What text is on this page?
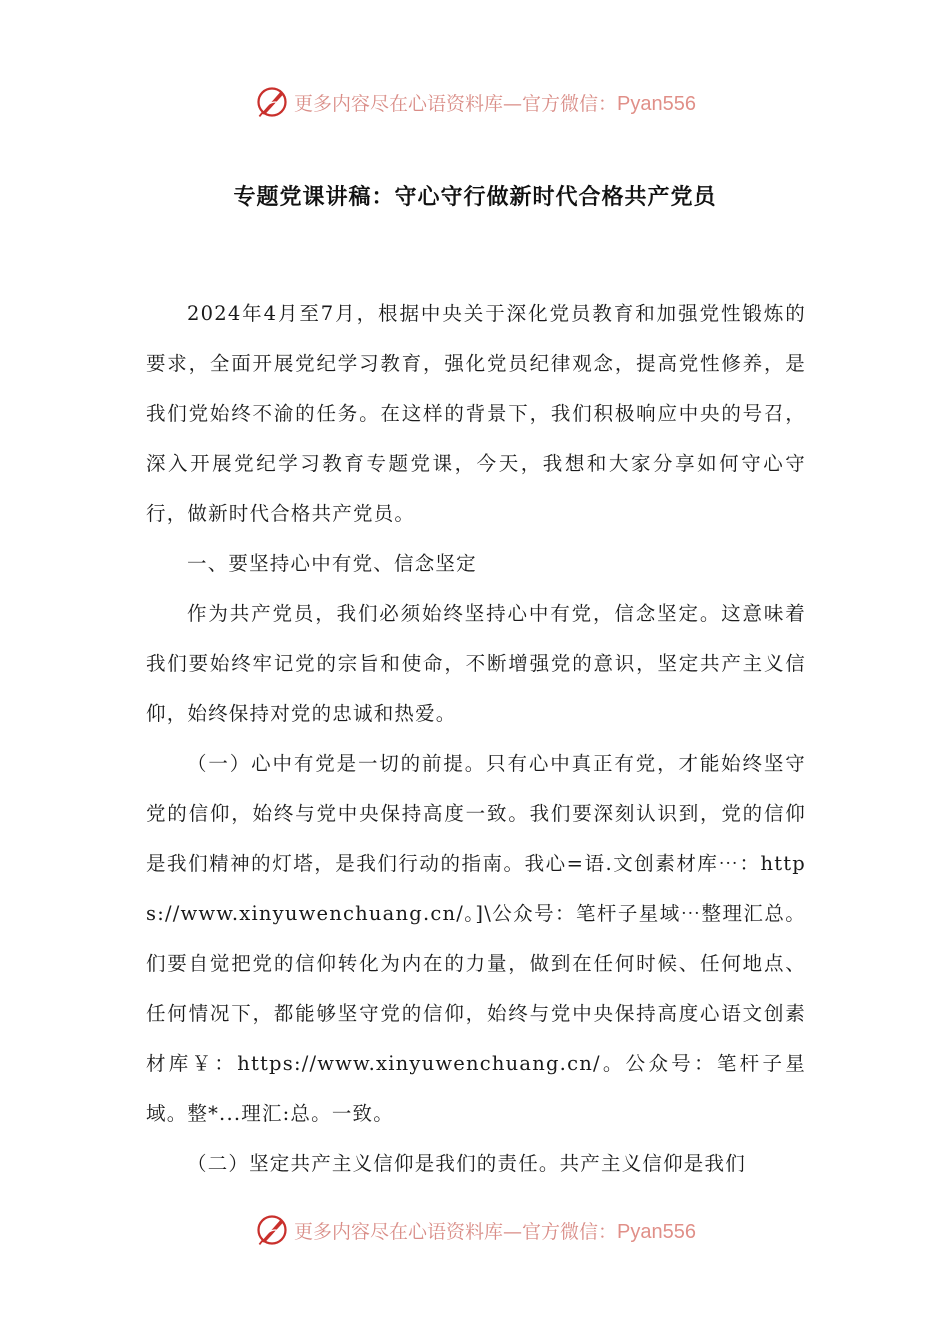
更多内容尽在心语资料库—官方微信：Pyan556
专题党课讲稿：守心守行做新时代合格共产党员

2024年4月至7月，根据中央关于深化党员教育和加强党性锻炼的要求，全面开展党纪学习教育，强化党员纪律观念，提高党性修养，是我们党始终不渝的任务。在这样的背景下，我们积极响应中央的号召，深入开展党纪学习教育专题党课，今天，我想和大家分享如何守心守行，做新时代合格共产党员。

一、要坚持心中有党、信念坚定

作为共产党员，我们必须始终坚持心中有党，信念坚定。这意味着我们要始终牢记党的宗旨和使命，不断增强党的意识，坚定共产主义信仰，始终保持对党的忠诚和热爱。

（一）心中有党是一切的前提。只有心中真正有党，才能始终坚守党的信仰，始终与党中央保持高度一致。我们要深刻认识到，党的信仰是我们精神的灯塔，是我们行动的指南。我心=语.文创素材库⋯：https://www.xinyuwenchuang.cn/。]\公众号：笔杆子星域⋯整理汇总。们要自觉把党的信仰转化为内在的力量，做到在任何时候、任何地点、任何情况下，都能够坚守党的信仰，始终与党中央保持高度心语文创素材库￥：https://www.xinyuwenchuang.cn/。公众号：笔杆子星域。整*...理汇:总。一致。

（二）坚定共产主义信仰是我们的责任。共产主义信仰是我们

更多内容尽在心语资料库—官方微信：Pyan556
